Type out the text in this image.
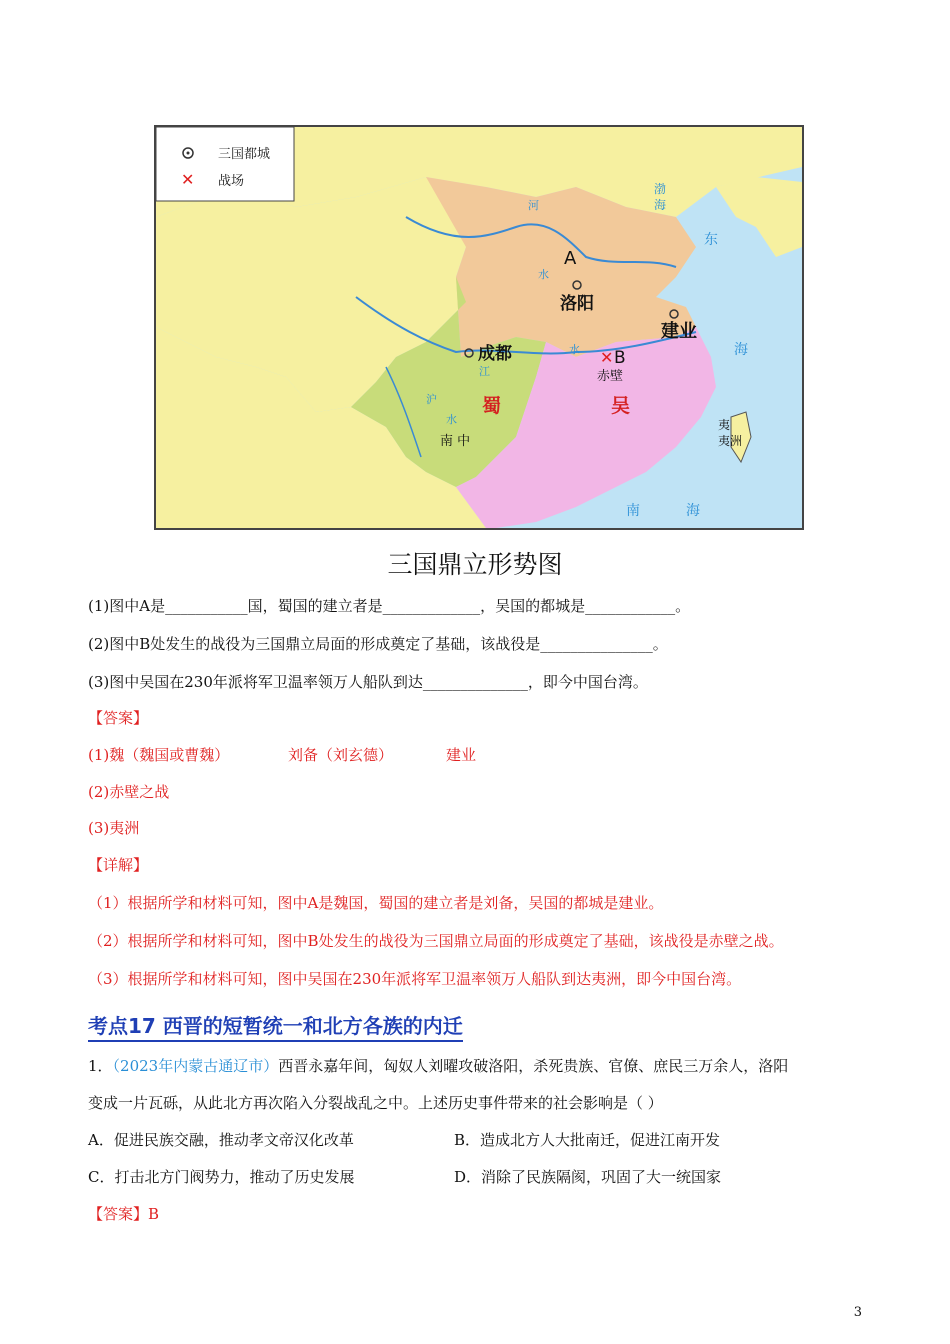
三国都城
✕ 战场
A
洛阳
成都
建业
✕ B
赤壁
蜀	吴
南 中
夷
夷洲
渤
海
东
海
南	海
河
水
江
水
沪
水
三国鼎立形势图
(1)图中A是___________国，蜀国的建立者是_____________，吴国的都城是____________。
(2)图中B处发生的战役为三国鼎立局面的形成奠定了基础，该战役是_______________。
(3)图中吴国在230年派将军卫温率领万人船队到达______________，即今中国台湾。
【答案】
(1)魏（魏国或曹魏）	刘备（刘玄德）	建业
(2)赤壁之战
(3)夷洲
【详解】
（1）根据所学和材料可知，图中A是魏国，蜀国的建立者是刘备，吴国的都城是建业。
（2）根据所学和材料可知，图中B处发生的战役为三国鼎立局面的形成奠定了基础，该战役是赤壁之战。
（3）根据所学和材料可知，图中吴国在230年派将军卫温率领万人船队到达夷洲，即今中国台湾。
考点17 西晋的短暂统一和北方各族的内迁
1．（2023年内蒙古通辽市）西晋永嘉年间，匈奴人刘曜攻破洛阳，杀死贵族、官僚、庶民三万余人，洛阳
变成一片瓦砾，从此北方再次陷入分裂战乱之中。上述历史事件带来的社会影响是（ ）
A．促进民族交融，推动孝文帝汉化改革	B．造成北方人大批南迁，促进江南开发
C．打击北方门阀势力，推动了历史发展	D．消除了民族隔阂，巩固了大一统国家
【答案】B
3
